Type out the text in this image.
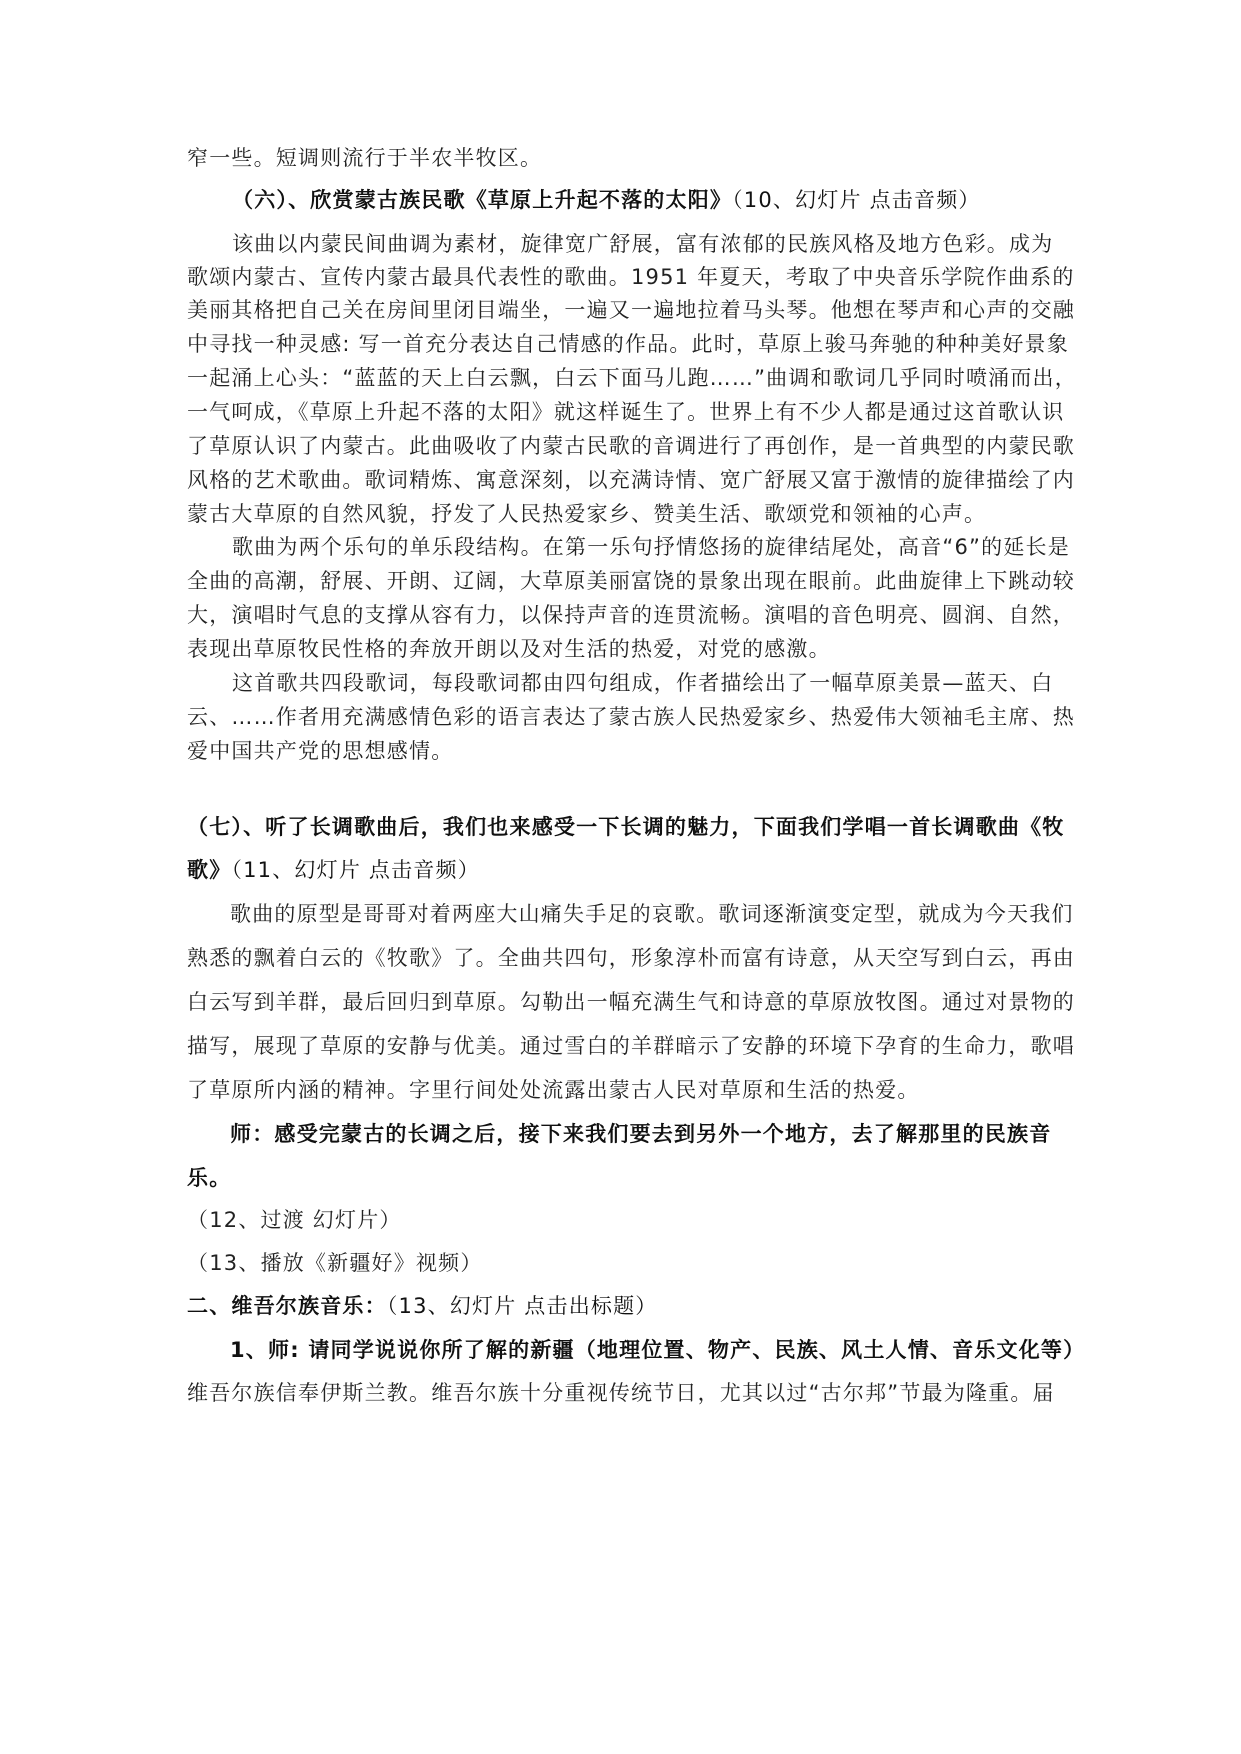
窄一些。短调则流行于半农半牧区。
（六）、欣赏蒙古族民歌《草原上升起不落的太阳》（10、幻灯片 点击音频）
该曲以内蒙民间曲调为素材，旋律宽广舒展，富有浓郁的民族风格及地方色彩。成为
歌颂内蒙古、宣传内蒙古最具代表性的歌曲。1951 年夏天，考取了中央音乐学院作曲系的
美丽其格把自己关在房间里闭目端坐，一遍又一遍地拉着马头琴。他想在琴声和心声的交融
中寻找一种灵感: 写一首充分表达自己情感的作品。此时，草原上骏马奔驰的种种美好景象
一起涌上心头：“蓝蓝的天上白云飘，白云下面马儿跑……”曲调和歌词几乎同时喷涌而出，
一气呵成，《草原上升起不落的太阳》就这样诞生了。世界上有不少人都是通过这首歌认识
了草原认识了内蒙古。此曲吸收了内蒙古民歌的音调进行了再创作，是一首典型的内蒙民歌
风格的艺术歌曲。歌词精炼、寓意深刻，以充满诗情、宽广舒展又富于激情的旋律描绘了内
蒙古大草原的自然风貌，抒发了人民热爱家乡、赞美生活、歌颂党和领袖的心声。
歌曲为两个乐句的单乐段结构。在第一乐句抒情悠扬的旋律结尾处，高音“6”的延长是
全曲的高潮，舒展、开朗、辽阔，大草原美丽富饶的景象出现在眼前。此曲旋律上下跳动较
大，演唱时气息的支撑从容有力，以保持声音的连贯流畅。演唱的音色明亮、圆润、自然，
表现出草原牧民性格的奔放开朗以及对生活的热爱，对党的感激。
这首歌共四段歌词，每段歌词都由四句组成，作者描绘出了一幅草原美景—蓝天、白
云、……作者用充满感情色彩的语言表达了蒙古族人民热爱家乡、热爱伟大领袖毛主席、热
爱中国共产党的思想感情。
（七）、听了长调歌曲后，我们也来感受一下长调的魅力，下面我们学唱一首长调歌曲《牧
歌》（11、幻灯片 点击音频）
歌曲的原型是哥哥对着两座大山痛失手足的哀歌。歌词逐渐演变定型，就成为今天我们
熟悉的飘着白云的《牧歌》了。全曲共四句，形象淳朴而富有诗意，从天空写到白云，再由
白云写到羊群，最后回归到草原。勾勒出一幅充满生气和诗意的草原放牧图。通过对景物的
描写，展现了草原的安静与优美。通过雪白的羊群暗示了安静的环境下孕育的生命力，歌唱
了草原所内涵的精神。字里行间处处流露出蒙古人民对草原和生活的热爱。
师：感受完蒙古的长调之后，接下来我们要去到另外一个地方，去了解那里的民族音
乐。
（12、过渡 幻灯片）
（13、播放《新疆好》视频）
二、维吾尔族音乐：（13、幻灯片 点击出标题）
1、师: 请同学说说你所了解的新疆（地理位置、物产、民族、风土人情、音乐文化等）
维吾尔族信奉伊斯兰教。维吾尔族十分重视传统节日，尤其以过“古尔邦”节最为隆重。届
